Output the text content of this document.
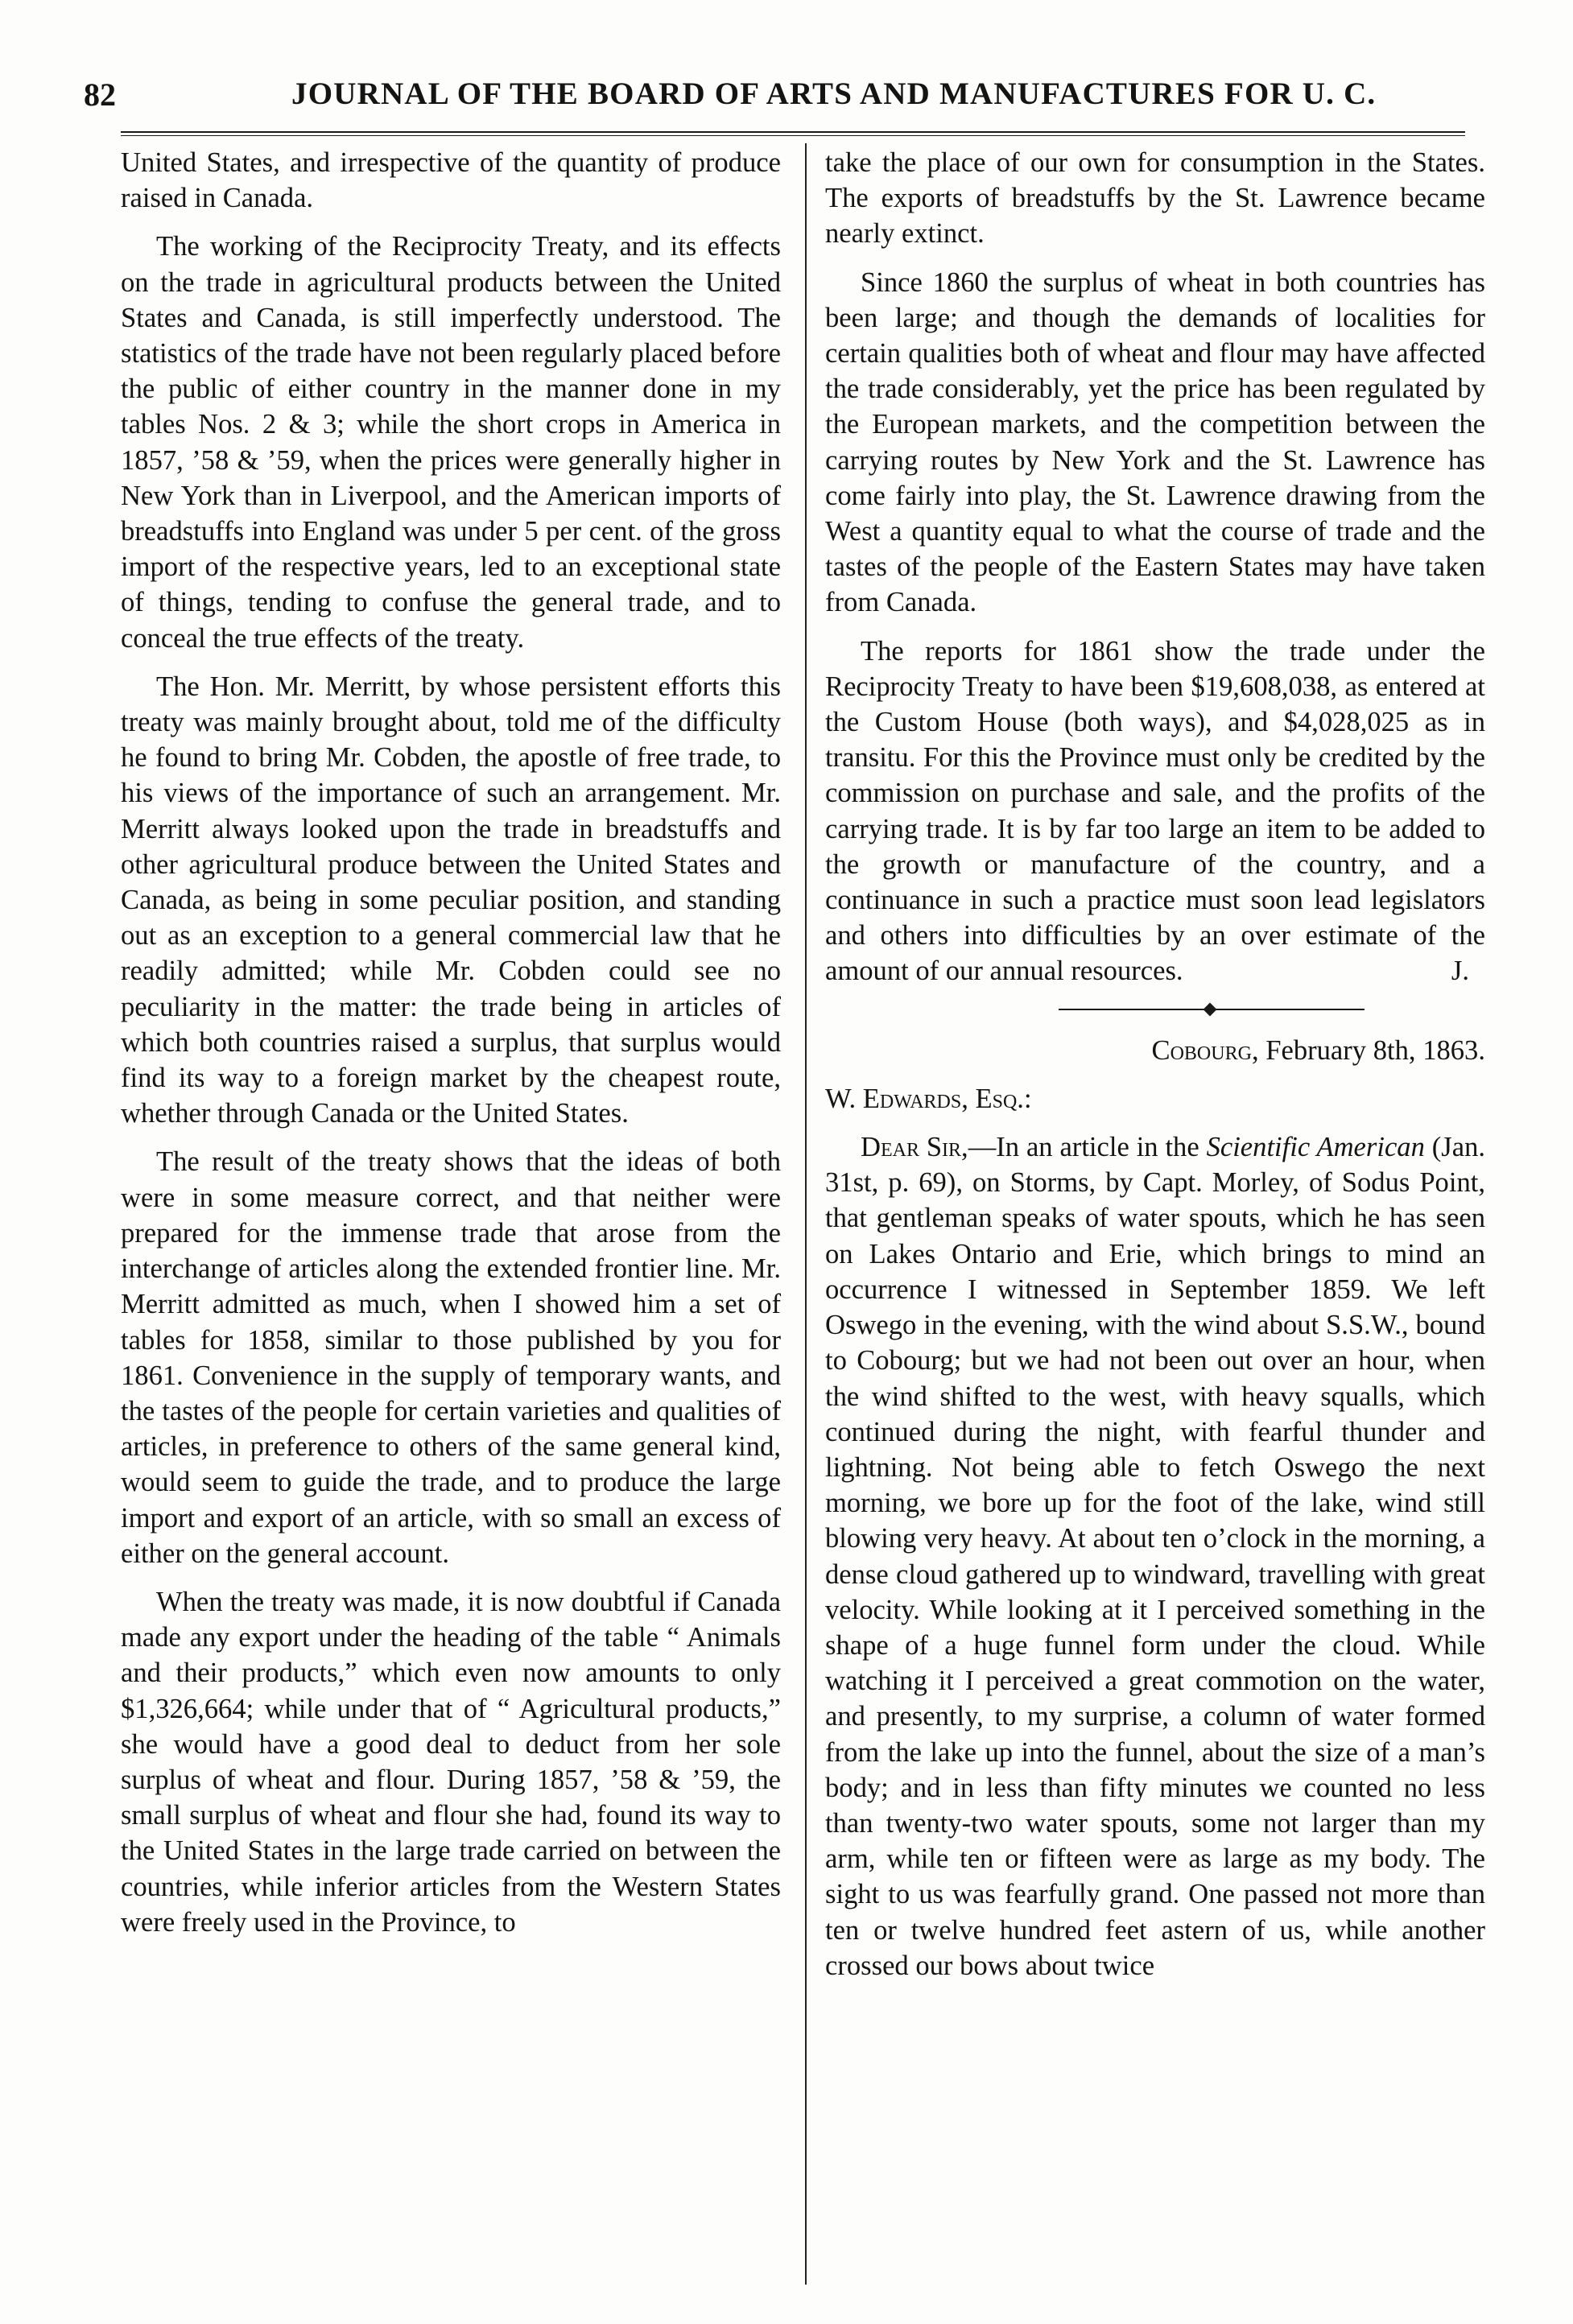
82	JOURNAL OF THE BOARD OF ARTS AND MANUFACTURES FOR U. C.

United States, and irrespective of the quantity of produce raised in Canada.

The working of the Reciprocity Treaty, and its effects on the trade in agricultural products between the United States and Canada, is still imperfectly understood. The statistics of the trade have not been regularly placed before the public of either country in the manner done in my tables Nos. 2 & 3; while the short crops in America in 1857, ’58 & ’59, when the prices were generally higher in New York than in Liverpool, and the American imports of breadstuffs into England was under 5 per cent. of the gross import of the respective years, led to an exceptional state of things, tending to confuse the general trade, and to conceal the true effects of the treaty.

The Hon. Mr. Merritt, by whose persistent efforts this treaty was mainly brought about, told me of the difficulty he found to bring Mr. Cobden, the apostle of free trade, to his views of the importance of such an arrangement. Mr. Merritt always looked upon the trade in breadstuffs and other agricultural produce between the United States and Canada, as being in some peculiar position, and standing out as an exception to a general commercial law that he readily admitted; while Mr. Cobden could see no peculiarity in the matter: the trade being in articles of which both countries raised a surplus, that surplus would find its way to a foreign market by the cheapest route, whether through Canada or the United States.

The result of the treaty shows that the ideas of both were in some measure correct, and that neither were prepared for the immense trade that arose from the interchange of articles along the extended frontier line. Mr. Merritt admitted as much, when I showed him a set of tables for 1858, similar to those published by you for 1861. Convenience in the supply of temporary wants, and the tastes of the people for certain varieties and qualities of articles, in preference to others of the same general kind, would seem to guide the trade, and to produce the large import and export of an article, with so small an excess of either on the general account.

When the treaty was made, it is now doubtful if Canada made any export under the heading of the table “ Animals and their products,” which even now amounts to only $1,326,664; while under that of “ Agricultural products,” she would have a good deal to deduct from her sole surplus of wheat and flour. During 1857, ’58 & ’59, the small surplus of wheat and flour she had, found its way to the United States in the large trade carried on between the countries, while inferior articles from the Western States were freely used in the Province, to

take the place of our own for consumption in the States. The exports of breadstuffs by the St. Lawrence became nearly extinct.

Since 1860 the surplus of wheat in both countries has been large; and though the demands of localities for certain qualities both of wheat and flour may have affected the trade considerably, yet the price has been regulated by the European markets, and the competition between the carrying routes by New York and the St. Lawrence has come fairly into play, the St. Lawrence drawing from the West a quantity equal to what the course of trade and the tastes of the people of the Eastern States may have taken from Canada.

The reports for 1861 show the trade under the Reciprocity Treaty to have been $19,608,038, as entered at the Custom House (both ways), and $4,028,025 as in transitu. For this the Province must only be credited by the commission on purchase and sale, and the profits of the carrying trade. It is by far too large an item to be added to the growth or manufacture of the country, and a continuance in such a practice must soon lead legislators and others into difficulties by an over estimate of the amount of our annual resources.	J.

Cobourg, February 8th, 1863.

W. Edwards, Esq.:

Dear Sir,—In an article in the Scientific American (Jan. 31st, p. 69), on Storms, by Capt. Morley, of Sodus Point, that gentleman speaks of water spouts, which he has seen on Lakes Ontario and Erie, which brings to mind an occurrence I witnessed in September 1859. We left Oswego in the evening, with the wind about S.S.W., bound to Cobourg; but we had not been out over an hour, when the wind shifted to the west, with heavy squalls, which continued during the night, with fearful thunder and lightning. Not being able to fetch Oswego the next morning, we bore up for the foot of the lake, wind still blowing very heavy. At about ten o’clock in the morning, a dense cloud gathered up to windward, travelling with great velocity. While looking at it I perceived something in the shape of a huge funnel form under the cloud. While watching it I perceived a great commotion on the water, and presently, to my surprise, a column of water formed from the lake up into the funnel, about the size of a man’s body; and in less than fifty minutes we counted no less than twenty-two water spouts, some not larger than my arm, while ten or fifteen were as large as my body. The sight to us was fearfully grand. One passed not more than ten or twelve hundred feet astern of us, while another crossed our bows about twice
